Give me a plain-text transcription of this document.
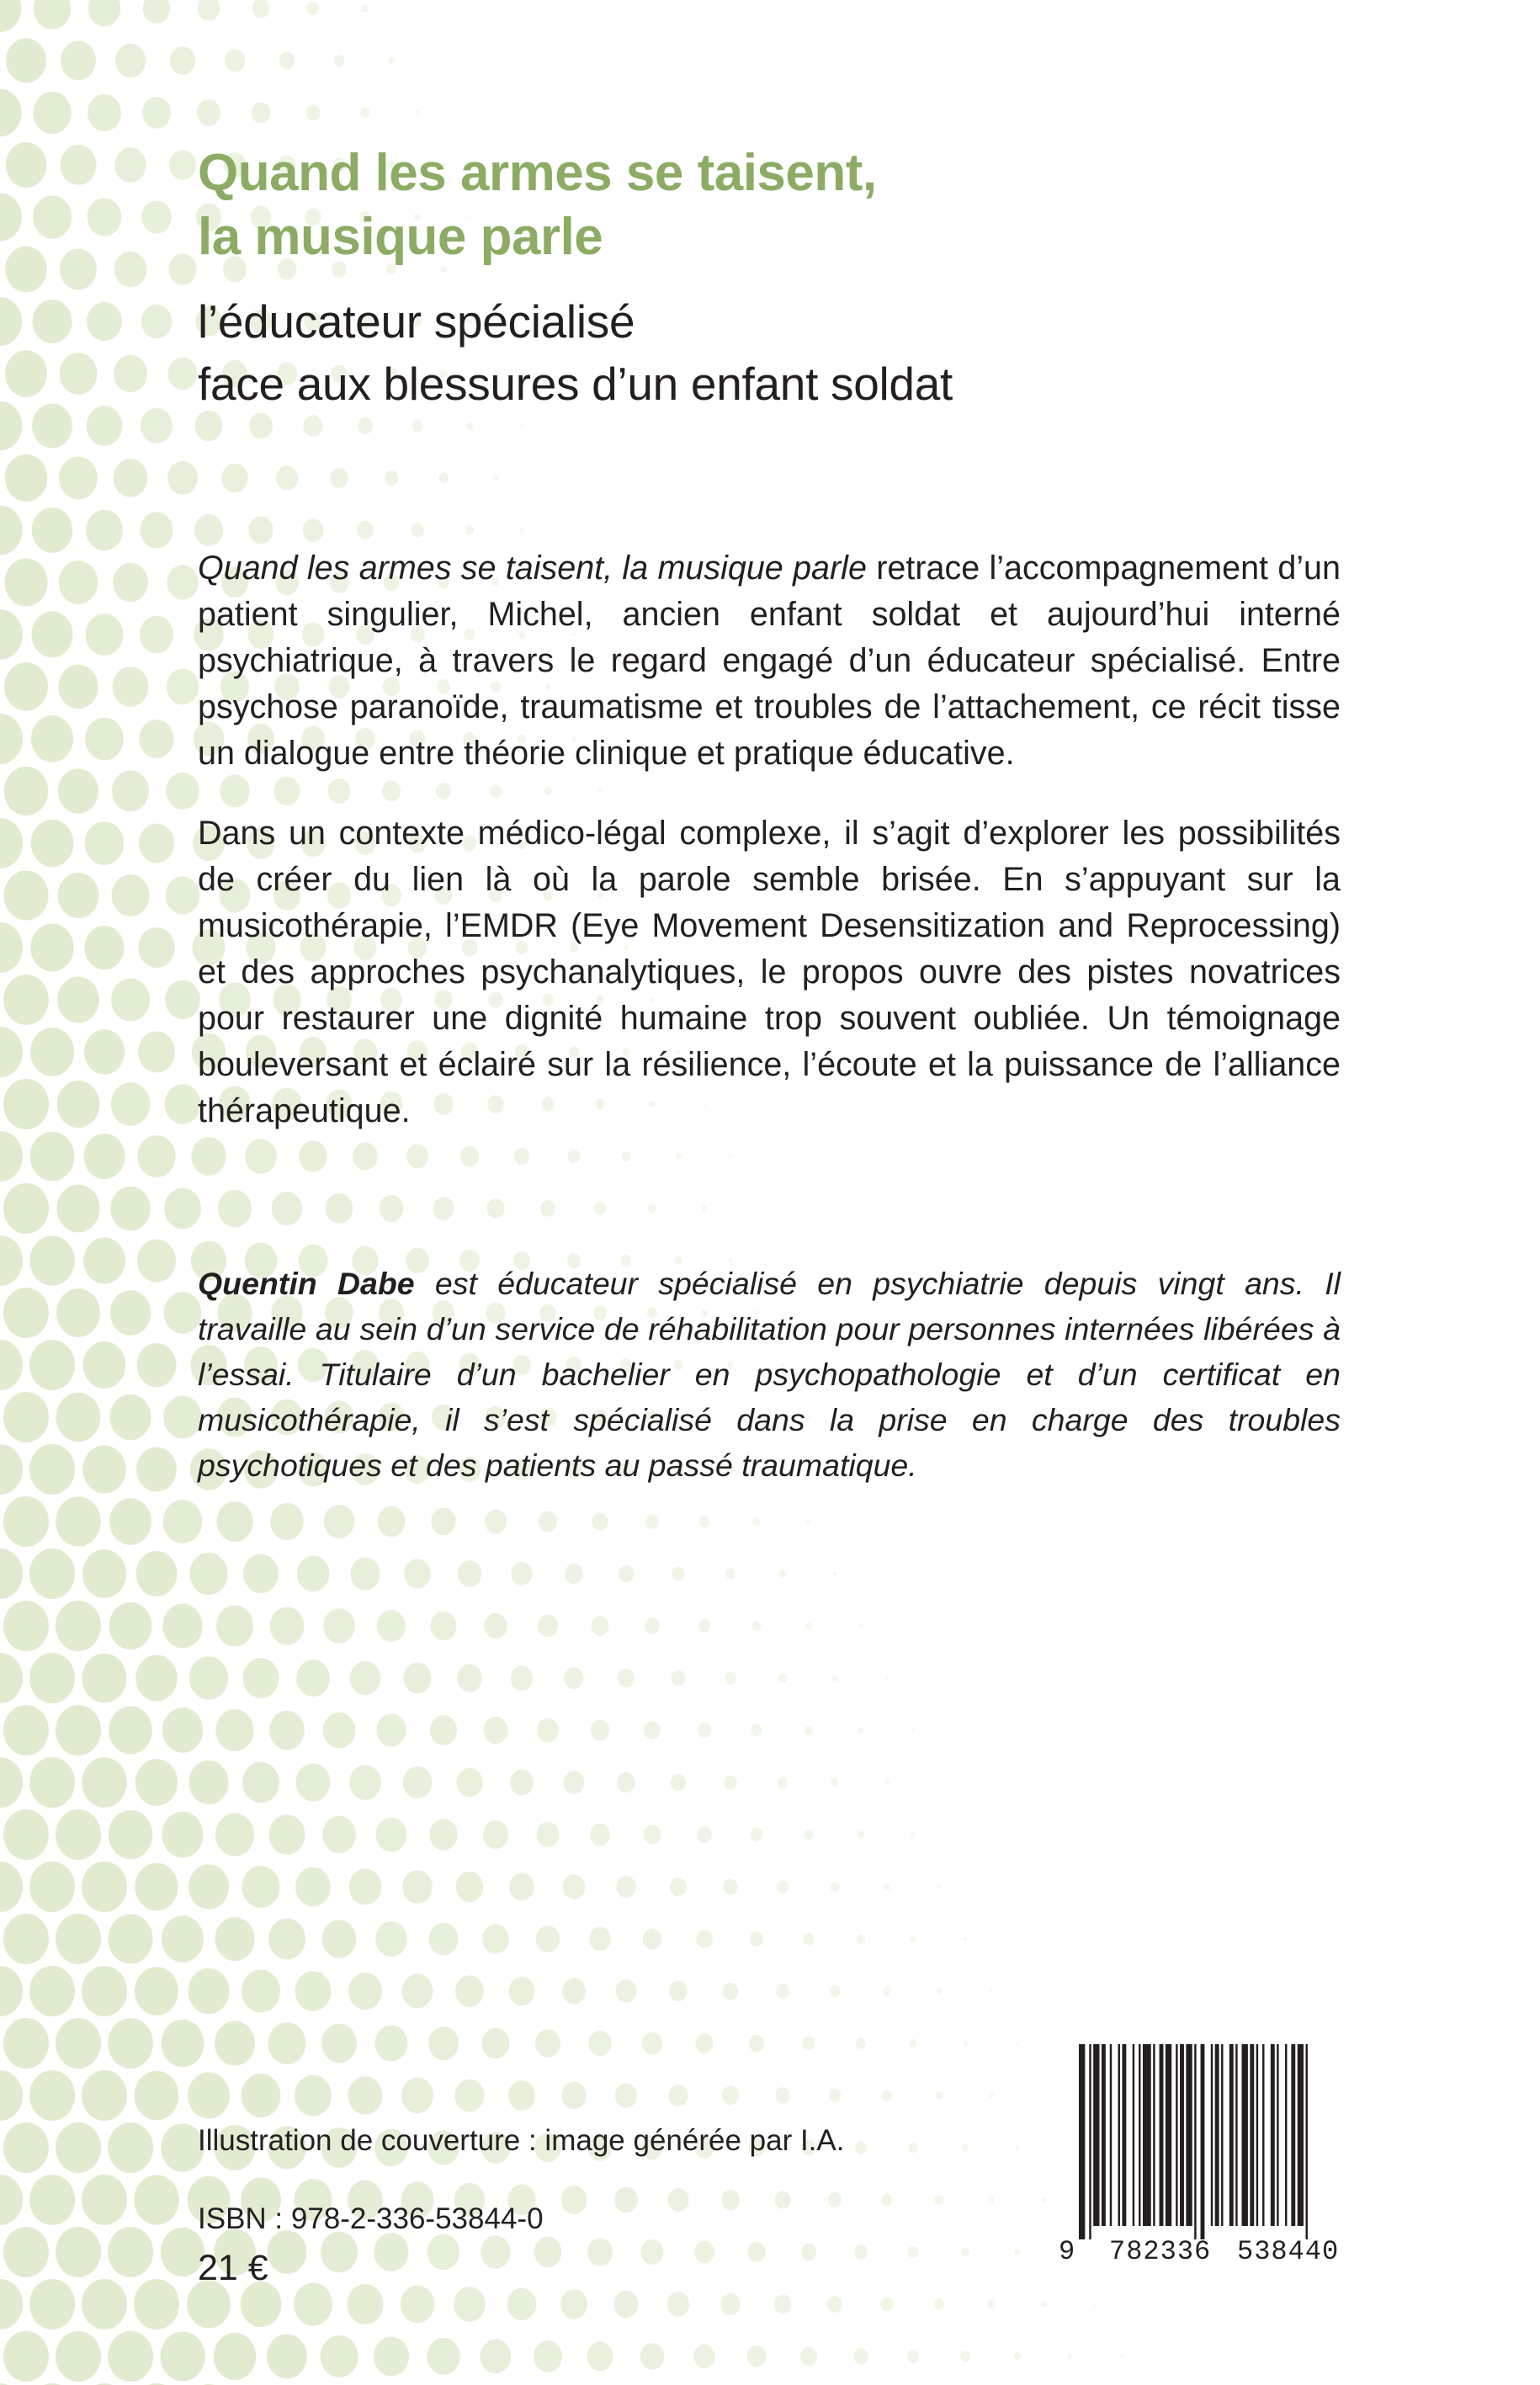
Quand les armes se taisent,
la musique parle
l’éducateur spécialisé
face aux blessures d’un enfant soldat

Quand les armes se taisent, la musique parle retrace l’accompagnement d’un patient singulier, Michel, ancien enfant soldat et aujourd’hui interné psychiatrique, à travers le regard engagé d’un éducateur spécialisé. Entre psychose paranoïde, traumatisme et troubles de l’attachement, ce récit tisse un dialogue entre théorie clinique et pratique éducative.

Dans un contexte médico-légal complexe, il s’agit d’explorer les possibilités de créer du lien là où la parole semble brisée. En s’appuyant sur la musicothérapie, l’EMDR (Eye Movement Desensitization and Reprocessing) et des approches psychanalytiques, le propos ouvre des pistes novatrices pour restaurer une dignité humaine trop souvent oubliée. Un témoignage bouleversant et éclairé sur la résilience, l’écoute et la puissance de l’alliance thérapeutique.

Quentin Dabe est éducateur spécialisé en psychiatrie depuis vingt ans. Il travaille au sein d’un service de réhabilitation pour personnes internées libérées à l’essai. Titulaire d’un bachelier en psychopathologie et d’un certificat en musicothérapie, il s’est spécialisé dans la prise en charge des troubles psychotiques et des patients au passé traumatique.

Illustration de couverture : image générée par I.A.
ISBN : 978-2-336-53844-0
21 €	9 782336 538440
